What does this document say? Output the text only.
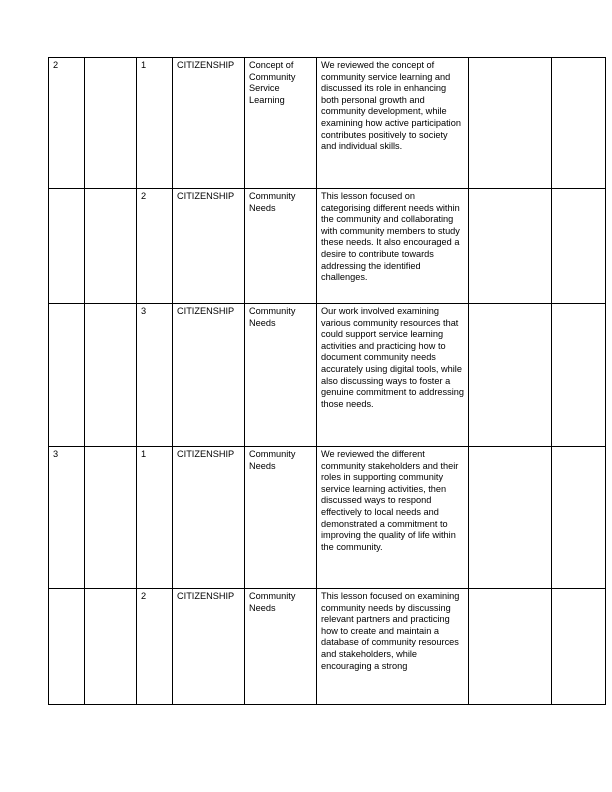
2		1	CITIZENSHIP	Concept of Community Service Learning	We reviewed the concept of community service learning and discussed its role in enhancing both personal growth and community development, while examining how active participation contributes positively to society and individual skills.		
		2	CITIZENSHIP	Community Needs	This lesson focused on categorising different needs within the community and collaborating with community members to study these needs. It also encouraged a desire to contribute towards addressing the identified challenges.		
		3	CITIZENSHIP	Community Needs	Our work involved examining various community resources that could support service learning activities and practicing how to document community needs accurately using digital tools, while also discussing ways to foster a genuine commitment to addressing those needs.		
3		1	CITIZENSHIP	Community Needs	We reviewed the different community stakeholders and their roles in supporting community service learning activities, then discussed ways to respond effectively to local needs and demonstrated a commitment to improving the quality of life within the community.		
		2	CITIZENSHIP	Community Needs	This lesson focused on examining community needs by discussing relevant partners and practicing how to create and maintain a database of community resources and stakeholders, while encouraging a strong		
